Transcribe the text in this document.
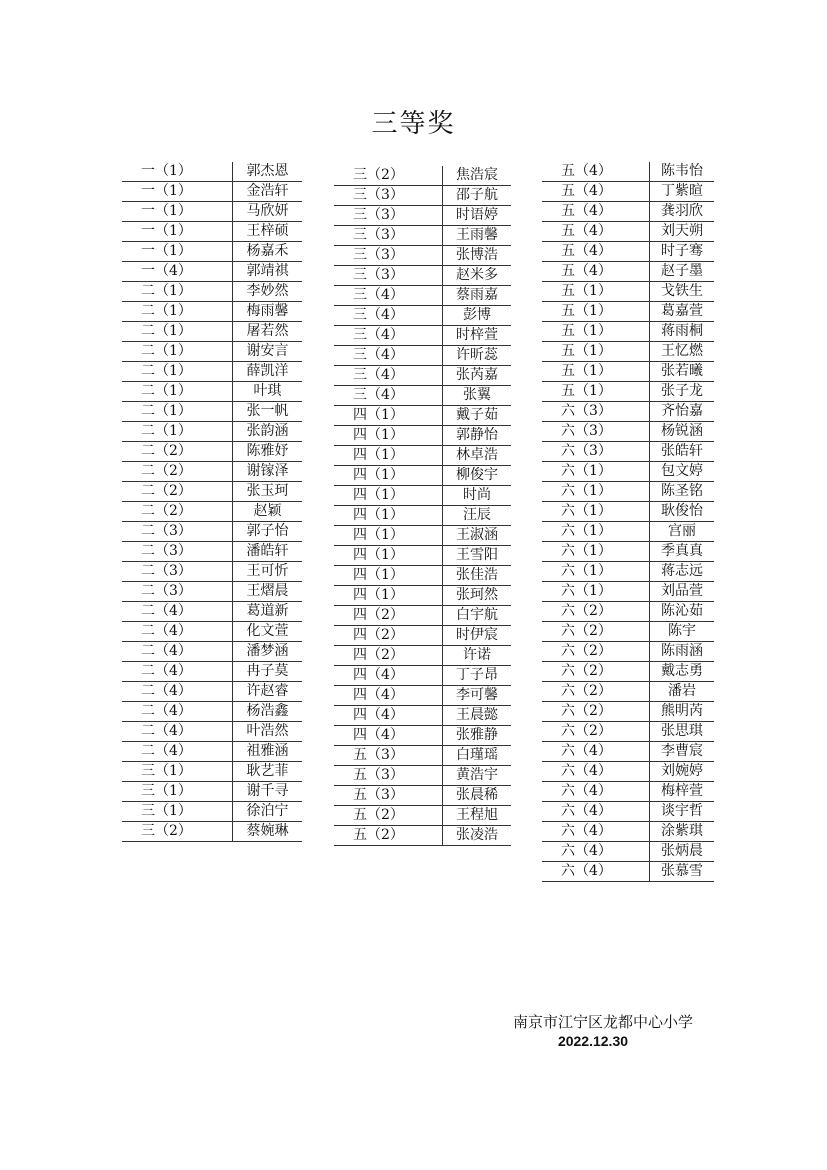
三等奖
一（1）	郭杰恩
一（1）	金浩轩
一（1）	马欣妍
一（1）	王梓硕
一（1）	杨嘉禾
一（4）	郭靖祺
二（1）	李妙然
二（1）	梅雨馨
二（1）	屠若然
二（1）	谢安言
二（1）	薛凯洋
二（1）	叶琪
二（1）	张一帆
二（1）	张韵涵
二（2）	陈雅妤
二（2）	谢镓泽
二（2）	张玉珂
二（2）	赵颖
二（3）	郭子怡
二（3）	潘皓轩
二（3）	王可忻
二（3）	王熠晨
二（4）	葛道新
二（4）	化文萱
二（4）	潘梦涵
二（4）	冉子莫
二（4）	许赵睿
二（4）	杨浩鑫
二（4）	叶浩然
二（4）	祖雅涵
三（1）	耿艺菲
三（1）	谢千寻
三（1）	徐泊宁
三（2）	蔡婉琳
三（2）	焦浩宸
三（3）	邵子航
三（3）	时语婷
三（3）	王雨馨
三（3）	张博浩
三（3）	赵米多
三（4）	蔡雨嘉
三（4）	彭博
三（4）	时梓萱
三（4）	许昕蕊
三（4）	张芮嘉
三（4）	张翼
四（1）	戴子茹
四（1）	郭静怡
四（1）	林卓浩
四（1）	柳俊宇
四（1）	时尚
四（1）	汪辰
四（1）	王淑涵
四（1）	王雪阳
四（1）	张佳浩
四（1）	张珂然
四（2）	白宇航
四（2）	时伊宸
四（2）	许诺
四（4）	丁子昂
四（4）	李可馨
四（4）	王晨懿
四（4）	张雅静
五（3）	白瑾瑶
五（3）	黄浩宇
五（3）	张晨稀
五（2）	王程旭
五（2）	张凌浩
五（4）	陈韦怡
五（4）	丁紫暄
五（4）	龚羽欣
五（4）	刘天朔
五（4）	时子骞
五（4）	赵子墨
五（1）	戈铁生
五（1）	葛嘉萱
五（1）	蒋雨桐
五（1）	王忆燃
五（1）	张若曦
五（1）	张子龙
六（3）	齐怡嘉
六（3）	杨锐涵
六（3）	张皓轩
六（1）	包文婷
六（1）	陈圣铭
六（1）	耿俊怡
六（1）	宫丽
六（1）	季真真
六（1）	蒋志远
六（1）	刘品萱
六（2）	陈沁茹
六（2）	陈宇
六（2）	陈雨涵
六（2）	戴志勇
六（2）	潘岩
六（2）	熊明芮
六（2）	张思琪
六（4）	李曹宸
六（4）	刘婉婷
六（4）	梅梓萱
六（4）	谈宇哲
六（4）	涂紫琪
六（4）	张炳晨
六（4）	张慕雪
南京市江宁区龙都中心小学
2022.12.30
